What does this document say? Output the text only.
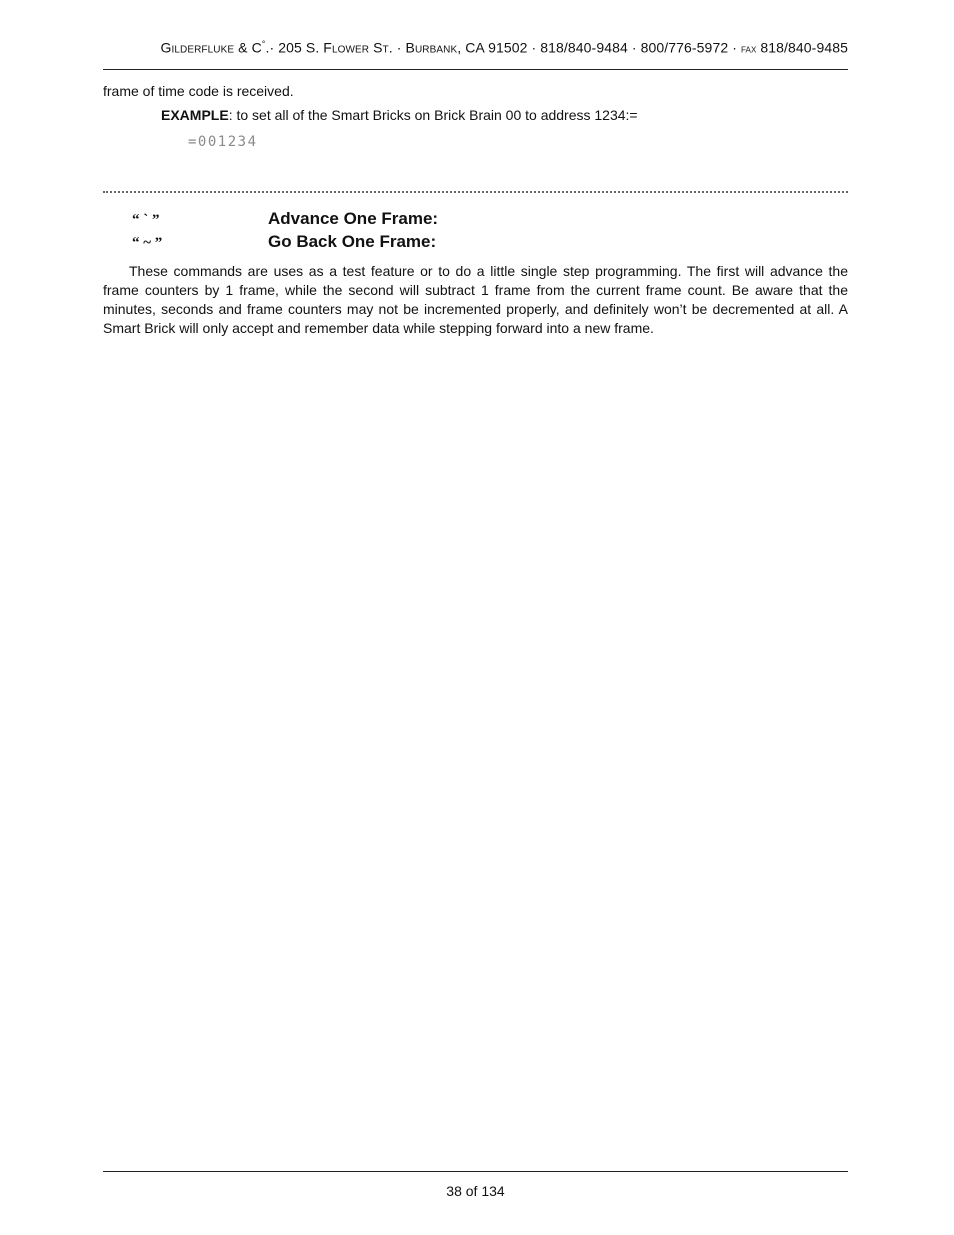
Gilderfluke & C°.· 205 S. Flower St. · Burbank, CA 91502 · 818/840-9484 · 800/776-5972 · fax 818/840-9485
frame of time code is received.
EXAMPLE: to set all of the Smart Bricks on Brick Brain 00 to address 1234:=
=001234
“ ` ”	Advance One Frame:
“ ~ ”	Go Back One Frame:
These commands are uses as a test feature or to do a little single step programming. The first will advance the frame counters by 1 frame, while the second will subtract 1 frame from the current frame count. Be aware that the minutes, seconds and frame counters may not be incremented properly, and definitely won’t be decremented at all. A Smart Brick will only accept and remember data while stepping forward into a new frame.
38 of 134
